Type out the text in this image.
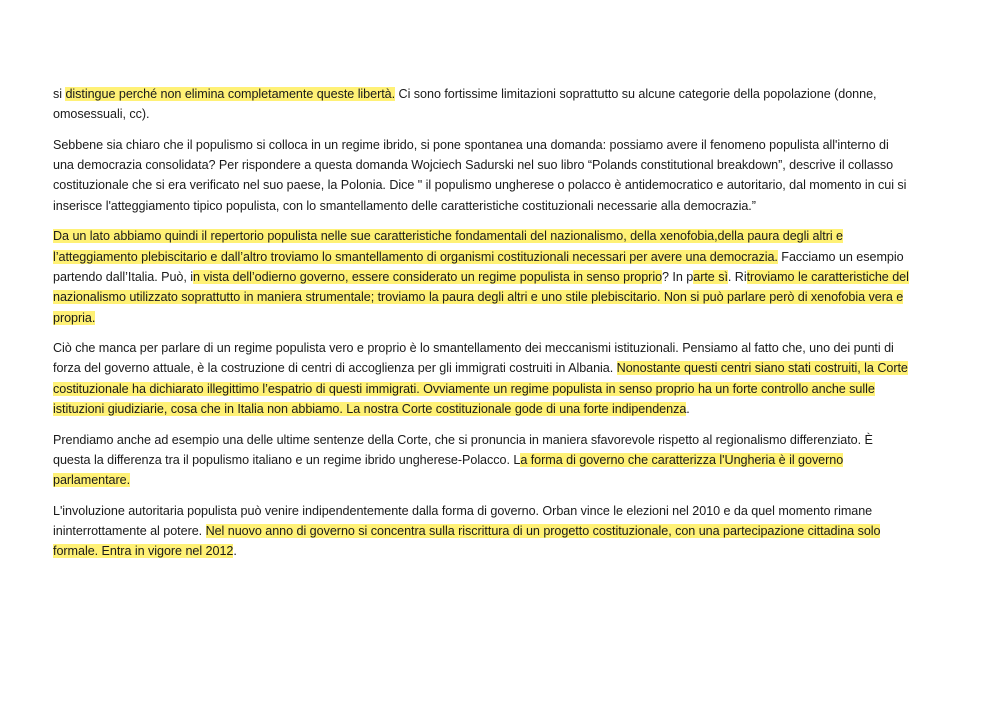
si distingue perché non elimina completamente queste libertà. Ci sono fortissime limitazioni soprattutto su alcune categorie della popolazione (donne, omosessuali, cc).

Sebbene sia chiaro che il populismo si colloca in un regime ibrido, si pone spontanea una domanda: possiamo avere il fenomeno populista all'interno di una democrazia consolidata? Per rispondere a questa domanda Wojciech Sadurski nel suo libro “Polands constitutional breakdown”, descrive il collasso costituzionale che si era verificato nel suo paese, la Polonia. Dice " il populismo ungherese o polacco è antidemocratico e autoritario, dal momento in cui si inserisce l'atteggiamento tipico populista, con lo smantellamento delle caratteristiche costituzionali necessarie alla democrazia.”

Da un lato abbiamo quindi il repertorio populista nelle sue caratteristiche fondamentali del nazionalismo, della xenofobia,della paura degli altri e l’atteggiamento plebiscitario e dall’altro troviamo lo smantellamento di organismi costituzionali necessari per avere una democrazia. Facciamo un esempio partendo dall’Italia. Può, in vista dell’odierno governo, essere considerato un regime populista in senso proprio? In parte sì. Ritroviamo le caratteristiche del nazionalismo utilizzato soprattutto in maniera strumentale; troviamo la paura degli altri e uno stile plebiscitario. Non si può parlare però di xenofobia vera e propria.

Ciò che manca per parlare di un regime populista vero e proprio è lo smantellamento dei meccanismi istituzionali. Pensiamo al fatto che, uno dei punti di forza del governo attuale, è la costruzione di centri di accoglienza per gli immigrati costruiti in Albania. Nonostante questi centri siano stati costruiti, la Corte costituzionale ha dichiarato illegittimo l’espatrio di questi immigrati. Ovviamente un regime populista in senso proprio ha un forte controllo anche sulle istituzioni giudiziarie, cosa che in Italia non abbiamo. La nostra Corte costituzionale gode di una forte indipendenza.

Prendiamo anche ad esempio una delle ultime sentenze della Corte, che si pronuncia in maniera sfavorevole rispetto al regionalismo differenziato. È questa la differenza tra il populismo italiano e un regime ibrido ungherese-Polacco. La forma di governo che caratterizza l'Ungheria è il governo parlamentare.

L'involuzione autoritaria populista può venire indipendentemente dalla forma di governo. Orban vince le elezioni nel 2010 e da quel momento rimane ininterrottamente al potere. Nel nuovo anno di governo si concentra sulla riscrittura di un progetto costituzionale, con una partecipazione cittadina solo formale. Entra in vigore nel 2012.
